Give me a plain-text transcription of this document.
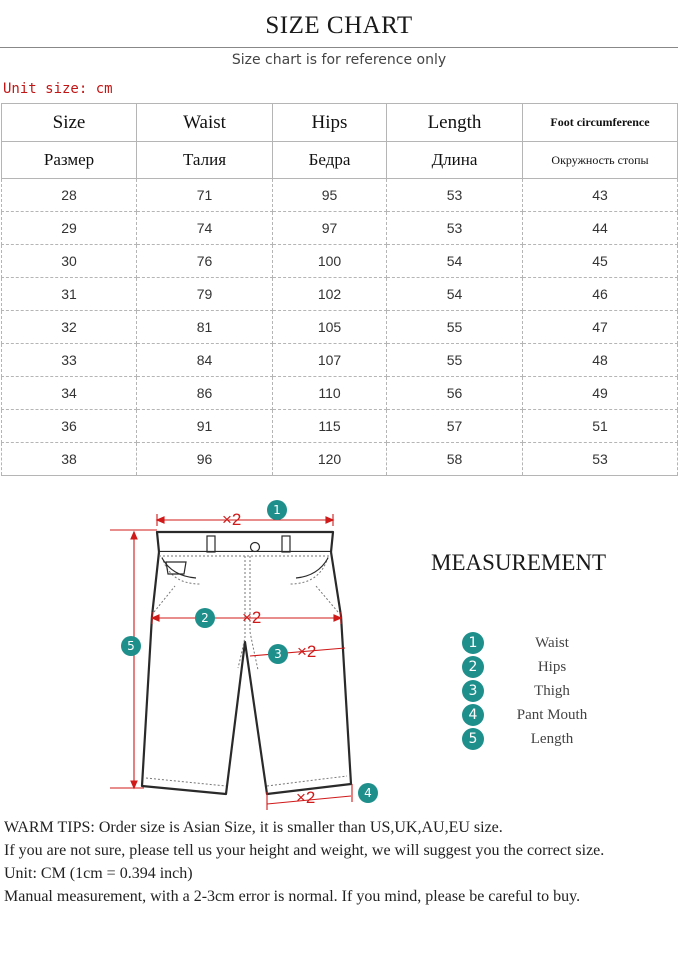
SIZE CHART
Size chart is for reference only
Unit size: cm
Size	Waist	Hips	Length	Foot circumference
Размер	Талия	Бедра	Длина	Окружность стопы
28	71	95	53	43
29	74	97	53	44
30	76	100	54	45
31	79	102	54	46
32	81	105	55	47
33	84	107	55	48
34	86	110	56	49
36	91	115	57	51
38	96	120	58	53
×2
×2
×2
×2
1
2
3
4
5
MEASUREMENT
1	Waist
2	Hips
3	Thigh
4	Pant Mouth
5	Length

WARM TIPS: Order size is Asian Size, it is smaller than US,UK,AU,EU size.

If you are not sure, please tell us your height and weight, we will suggest you the correct size.

Unit: CM (1cm = 0.394 inch)

Manual measurement, with a 2-3cm error is normal. If you mind, please be careful to buy.
